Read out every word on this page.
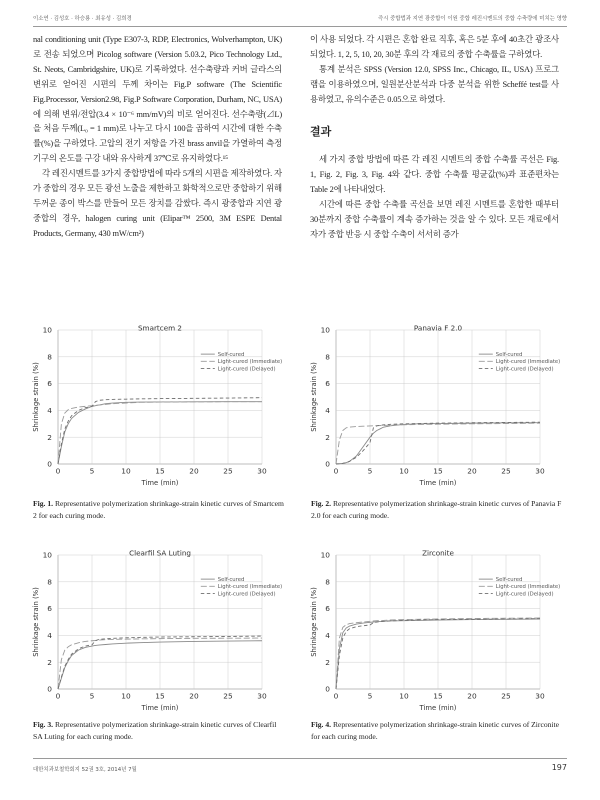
이소연 · 김성호 · 하승룡 · 최유성 · 김희경	즉시 중합법과 지연 광중합이 이원 중합 레진시멘트의 중합 수축량에 미치는 영향

nal conditioning unit (Type E307-3, RDP, Electronics, Wolverhampton, UK)로 전송 되었으며 Picolog software (Version 5.03.2, Pico Technology Ltd., St. Neots, Cambridgshire, UK)로 기록하였다. 선수축량과 커버 글라스의 변위로 얻어진 시편의 두께 차이는 Fig.P software (The Scientific Fig.Processor, Version2.98, Fig.P Software Corporation, Durham, NC, USA)에 의해 변위/전압(3.4 × 10⁻⁶ mm/mV)의 비로 얻어진다. 선수축량(⊿L)을 처음 두께(L₀ = 1 mm)로 나누고 다시 100을 곱하여 시간에 대한 수축률(%)을 구하였다. 고압의 전기 저항을 가진 brass anvil을 가열하여 측정 기구의 온도를 구강 내와 유사하게 37℃로 유지하였다.¹⁵

각 레진시멘트를 3가지 중합방법에 따라 5개의 시편을 제작하였다. 자가 중합의 경우 모든 광선 노출을 제한하고 화학적으로만 중합하기 위해 두꺼운 종이 박스를 만들어 모든 장치를 감쌌다. 즉시 광중합과 지연 광중합의 경우, halogen curing unit (Elipar™ 2500, 3M ESPE Dental Products, Germany, 430 mW/cm²)

이 사용 되었다. 각 시편은 혼합 완료 직후, 혹은 5분 후에 40초간 광조사 되었다. 1, 2, 5, 10, 20, 30분 후의 각 재료의 중합 수축률을 구하였다.

통계 분석은 SPSS (Version 12.0, SPSS Inc., Chicago, IL, USA) 프로그램을 이용하였으며, 일원분산분석과 다중 분석을 위한 Scheffé test를 사용하였고, 유의수준은 0.05으로 하였다.

결과

세 가지 중합 방법에 따른 각 레진 시멘트의 중합 수축률 곡선은 Fig. 1, Fig. 2, Fig. 3, Fig. 4와 같다. 중합 수축률 평균값(%)과 표준편차는 Table 2에 나타내었다.

시간에 따른 중합 수축률 곡선을 보면 레진 시멘트를 혼합한 때부터 30분까지 중합 수축률이 계속 증가하는 것을 알 수 있다. 모든 재료에서 자가 중합 반응 시 중합 수축이 서서히 증가

0
2
4
6
8
10
0	5	10	15	20	25	30
Smartcem 2
Time (min)
Shrinkage strain (%)
Self-cured
Light-cured (Immediate)
Light-cured (Delayed)
0
2
4
6
8
10
0	5	10	15	20	25	30
Panavia F 2.0
Time (min)
Shrinkage strain (%)
Self-cured
Light-cured (Immediate)
Light-cured (Delayed)
0
2
4
6
8
10
0	5	10	15	20	25	30
Clearfil SA Luting
Time (min)
Shrinkage strain (%)
Self-cured
Light-cured (Immediate)
Light-cured (Delayed)
0
2
4
6
8
10
0	5	10	15	20	25	30
Zirconite
Time (min)
Shrinkage strain (%)
Self-cured
Light-cured (Immediate)
Light-cured (Delayed)
Fig. 1. Representative polymerization shrinkage-strain kinetic curves of Smartcem 2 for each curing mode.
Fig. 2. Representative polymerization shrinkage-strain kinetic curves of Panavia F 2.0 for each curing mode.
Fig. 3. Representative polymerization shrinkage-strain kinetic curves of Clearfil SA Luting for each curing mode.
Fig. 4. Representative polymerization shrinkage-strain kinetic curves of Zirconite for each curing mode.
대한치과보철학회지 52권 3호, 2014년 7월	197
